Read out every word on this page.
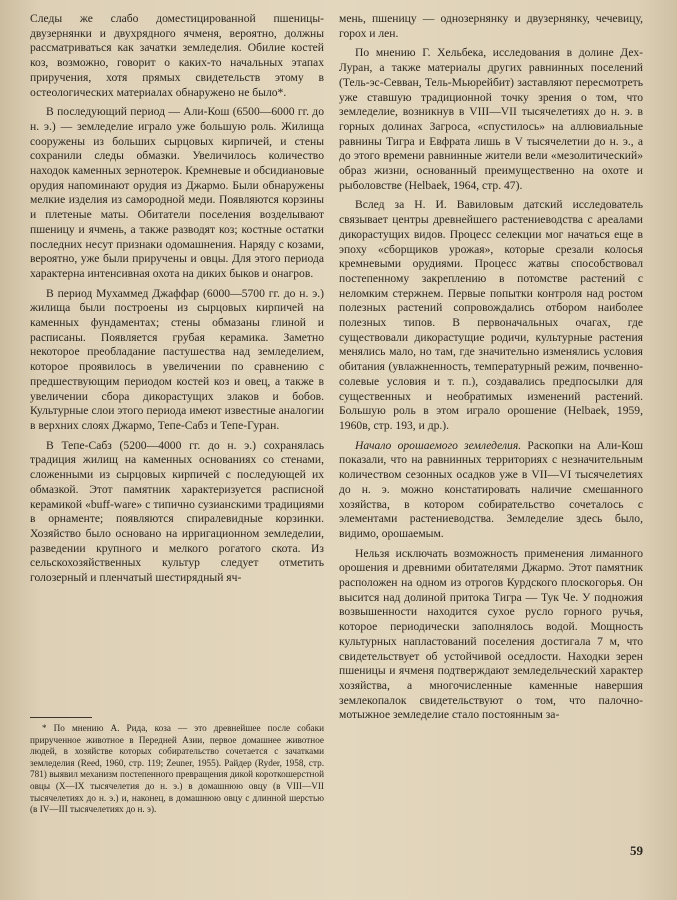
Следы же слабо доместицированной пшеницы-двузернянки и двухрядного ячменя, вероятно, должны рассматриваться как зачатки земледелия. Обилие костей коз, возможно, говорит о каких-то начальных этапах приручения, хотя прямых свидетельств этому в остеологических материалах обнаружено не было*.

В последующий период — Али-Кош (6500—6000 гг. до н. э.) — земледелие играло уже большую роль. Жилища сооружены из больших сырцовых кирпичей, и стены сохранили следы обмазки. Увеличилось количество находок каменных зернотерок. Кремневые и обсидиановые орудия напоминают орудия из Джармо. Были обнаружены мелкие изделия из самородной меди. Появляются корзины и плетеные маты. Обитатели поселения возделывают пшеницу и ячмень, а также разводят коз; костные остатки последних несут признаки одомашнения. Наряду с козами, вероятно, уже были приручены и овцы. Для этого периода характерна интенсивная охота на диких быков и онагров.

В период Мухаммед Джаффар (6000—5700 гг. до н. э.) жилища были построены из сырцовых кирпичей на каменных фундаментах; стены обмазаны глиной и расписаны. Появляется грубая керамика. Заметно некоторое преобладание пастушества над земледелием, которое проявилось в увеличении по сравнению с предшествующим периодом костей коз и овец, а также в увеличении сбора дикорастущих злаков и бобов. Культурные слои этого периода имеют известные аналогии в верхних слоях Джармо, Тепе-Сабз и Тепе-Гуран.

В Тепе-Сабз (5200—4000 гг. до н. э.) сохранялась традиция жилищ на каменных основаниях со стенами, сложенными из сырцовых кирпичей с последующей их обмазкой. Этот памятник характеризуется расписной керамикой «buff-ware» с типично сузианскими традициями в орнаменте; появляются спиралевидные корзинки. Хозяйство было основано на ирригационном земледелии, разведении крупного и мелкого рогатого скота. Из сельскохозяйственных культур следует отметить голозерный и пленчатый шестирядный яч-

* По мнению А. Рида, коза — это древнейшее после собаки прирученное животное в Передней Азии, первое домашнее животное людей, в хозяйстве которых собирательство сочетается с зачатками земледелия (Reed, 1960, стр. 119; Zeuner, 1955). Райдер (Ryder, 1958, стр. 781) выявил механизм постепенного превращения дикой короткошерстной овцы (X—IX тысячелетия до н. э.) в домашнюю овцу (в VIII—VII тысячелетиях до н. э.) и, наконец, в домашнюю овцу с длинной шерстью (в IV—III тысячелетиях до н. э).

мень, пшеницу — однозернянку и двузернянку, чечевицу, горох и лен.

По мнению Г. Хельбека, исследования в долине Дех-Луран, а также материалы других равнинных поселений (Тель-эс-Севван, Тель-Мьюрейбит) заставляют пересмотреть уже ставшую традиционной точку зрения о том, что земледелие, возникнув в VIII—VII тысячелетиях до н. э. в горных долинах Загроса, «спустилось» на аллювиальные равнины Тигра и Евфрата лишь в V тысячелетии до н. э., а до этого времени равнинные жители вели «мезолитический» образ жизни, основанный преимущественно на охоте и рыболовстве (Helbaek, 1964, стр. 47).

Вслед за Н. И. Вавиловым датский исследователь связывает центры древнейшего растениеводства с ареалами дикорастущих видов. Процесс селекции мог начаться еще в эпоху «сборщиков урожая», которые срезали колосья кремневыми орудиями. Процесс жатвы способствовал постепенному закреплению в потомстве растений с неломким стержнем. Первые попытки контроля над ростом полезных растений сопровождались отбором наиболее полезных типов. В первоначальных очагах, где существовали дикорастущие родичи, культурные растения менялись мало, но там, где значительно изменялись условия обитания (увлажненность, температурный режим, почвенно-солевые условия и т. п.), создавались предпосылки для существенных и необратимых изменений растений. Большую роль в этом играло орошение (Helbaek, 1959, 1960в, стр. 193, и др.).

Начало орошаемого земледелия. Раскопки на Али-Кош показали, что на равнинных территориях с незначительным количеством сезонных осадков уже в VII—VI тысячелетиях до н. э. можно констатировать наличие смешанного хозяйства, в котором собирательство сочеталось с элементами растениеводства. Земледелие здесь было, видимо, орошаемым.

Нельзя исключать возможность применения лиманного орошения и древними обитателями Джармо. Этот памятник расположен на одном из отрогов Курдского плоскогорья. Он высится над долиной притока Тигра — Тук Че. У подножия возвышенности находится сухое русло горного ручья, которое периодически заполнялось водой. Мощность культурных напластований поселения достигала 7 м, что свидетельствует об устойчивой оседлости. Находки зерен пшеницы и ячменя подтверждают земледельческий характер хозяйства, а многочисленные каменные навершия землекопалок свидетельствуют о том, что палочно-мотыжное земледелие стало постоянным за-

59
